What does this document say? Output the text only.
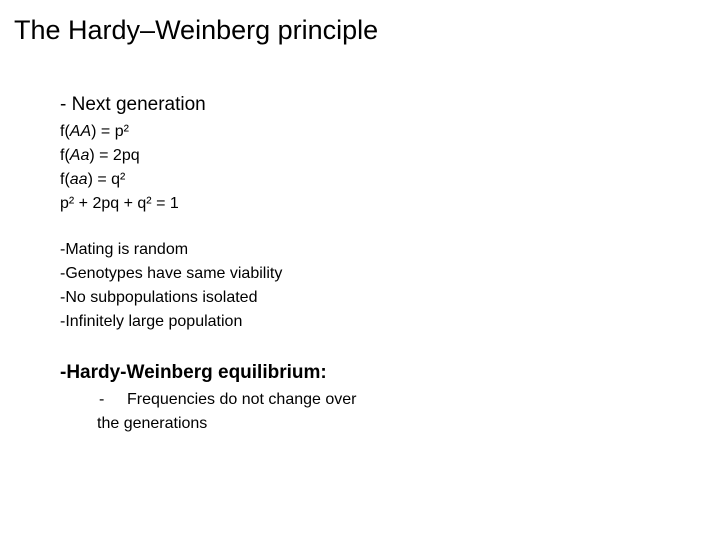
The Hardy–Weinberg principle
- Next generation
f(AA) = p²
f(Aa) = 2pq
f(aa) = q²
p² + 2pq + q² = 1
-Mating is random
-Genotypes have same viability
-No subpopulations isolated
-Infinitely large population
-Hardy-Weinberg equilibrium:
- Frequencies do not change over
the generations
